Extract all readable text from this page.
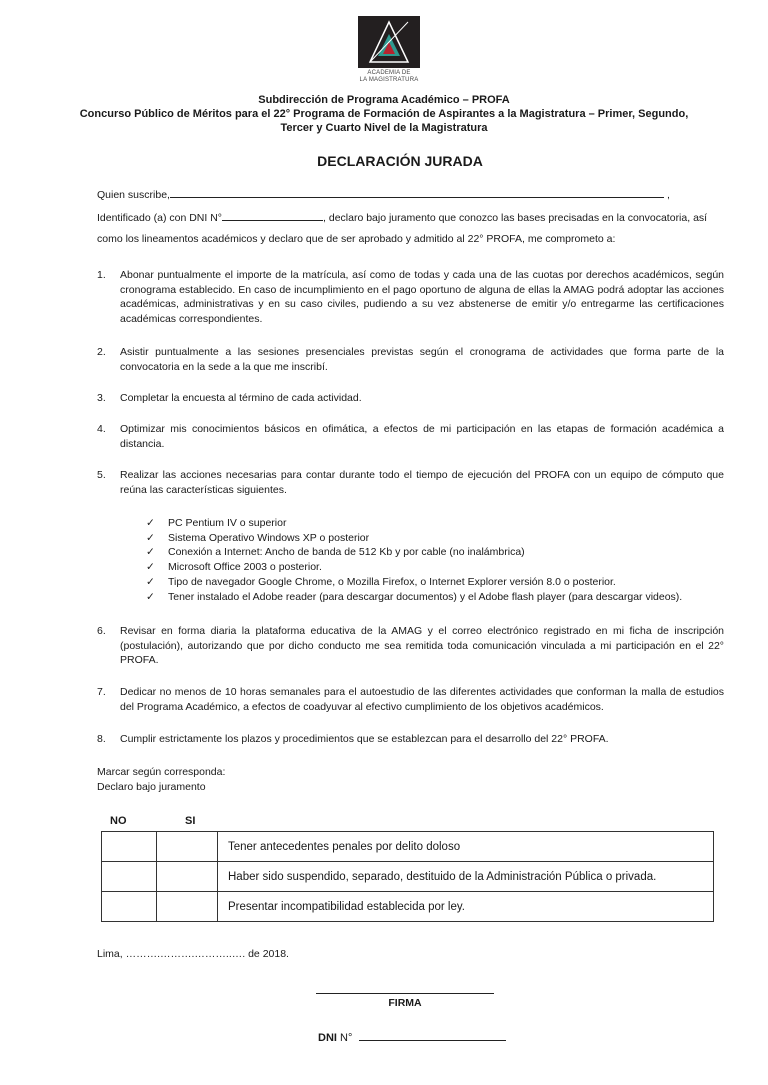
ACADEMIA DE
LA MAGISTRATURA
Subdirección de Programa Académico – PROFA
Concurso Público de Méritos para el 22° Programa de Formación de Aspirantes a la Magistratura – Primer, Segundo,
Tercer y Cuarto Nivel de la Magistratura
DECLARACIÓN JURADA
Quien suscribe,	,
Identificado (a) con DNI N°	, declaro bajo juramento que conozco las bases precisadas en la convocatoria, así
como los lineamentos académicos y declaro que de ser aprobado y admitido al 22° PROFA, me comprometo a:
1. Abonar puntualmente el importe de la matrícula, así como de todas y cada una de las cuotas por derechos académicos, según cronograma establecido. En caso de incumplimiento en el pago oportuno de alguna de ellas la AMAG podrá adoptar las acciones académicas, administrativas y en su caso civiles, pudiendo a su vez abstenerse de emitir y/o entregarme las certificaciones académicas correspondientes.
2. Asistir puntualmente a las sesiones presenciales previstas según el cronograma de actividades que forma parte de la convocatoria en la sede a la que me inscribí.
3. Completar la encuesta al término de cada actividad.
4. Optimizar mis conocimientos básicos en ofimática, a efectos de mi participación en las etapas de formación académica a distancia.
5. Realizar las acciones necesarias para contar durante todo el tiempo de ejecución del PROFA con un equipo de cómputo que reúna las características siguientes.
✓ PC Pentium IV o superior
✓ Sistema Operativo Windows XP o posterior
✓ Conexión a Internet: Ancho de banda de 512 Kb y por cable (no inalámbrica)
✓ Microsoft Office 2003 o posterior.
✓ Tipo de navegador Google Chrome, o Mozilla Firefox, o Internet Explorer versión 8.0 o posterior.
✓ Tener instalado el Adobe reader (para descargar documentos) y el Adobe flash player (para descargar videos).
6. Revisar en forma diaria la plataforma educativa de la AMAG y el correo electrónico registrado en mi ficha de inscripción (postulación), autorizando que por dicho conducto me sea remitida toda comunicación vinculada a mi participación en el 22° PROFA.
7. Dedicar no menos de 10 horas semanales para el autoestudio de las diferentes actividades que conforman la malla de estudios del Programa Académico, a efectos de coadyuvar al efectivo cumplimiento de los objetivos académicos.
8. Cumplir estrictamente los plazos y procedimientos que se establezcan para el desarrollo del 22° PROFA.
Marcar según corresponda:
Declaro bajo juramento
NO	SI
		Tener antecedentes penales por delito doloso
		Haber sido suspendido, separado, destituido de la Administración Pública o privada.
		Presentar incompatibilidad establecida por ley.
Lima, ……….……….………..…. de 2018.
FIRMA
DNI N°
